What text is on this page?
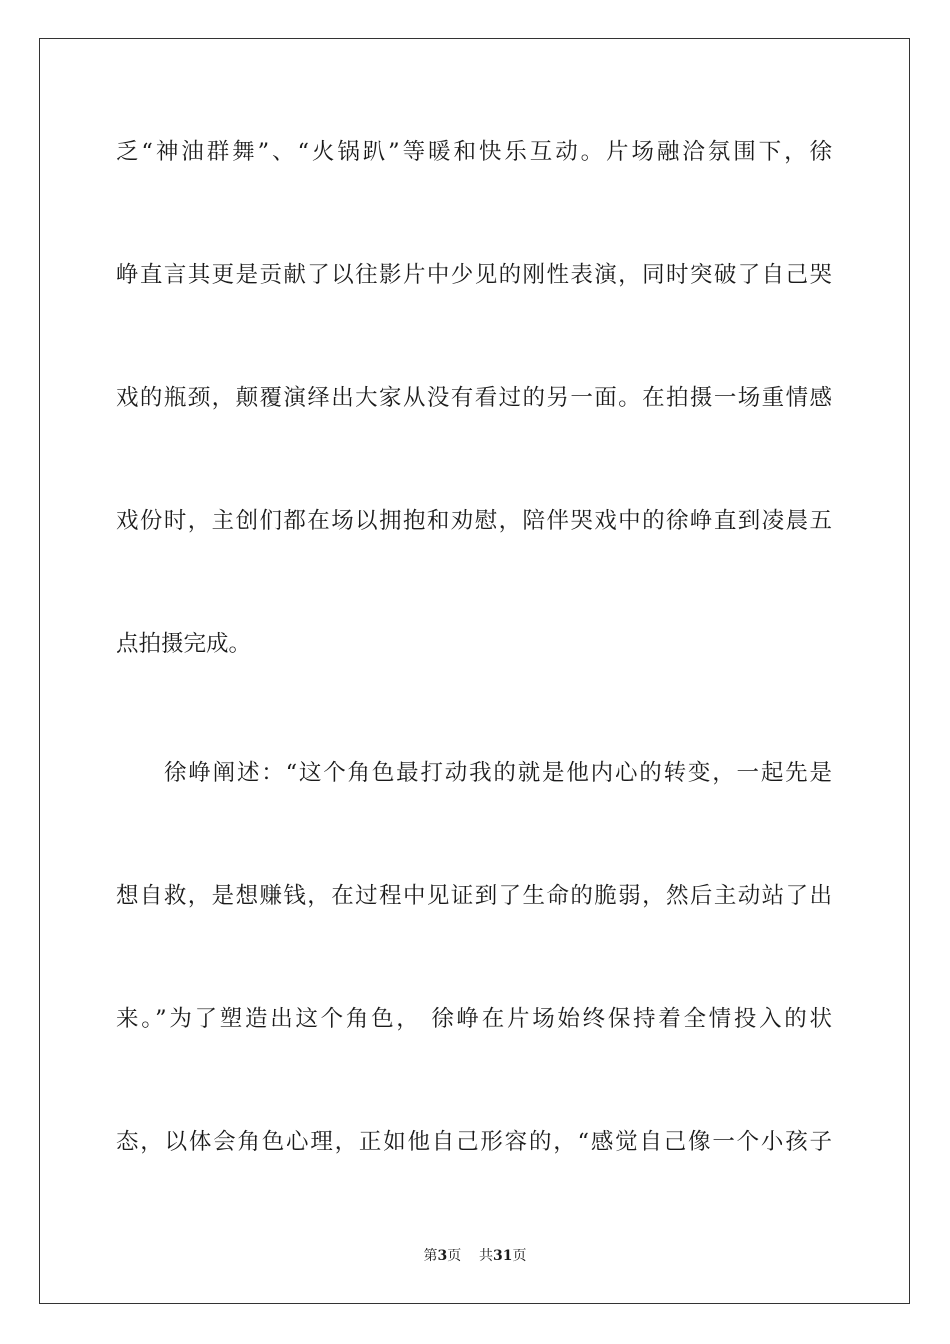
乏“神油群舞”、“火锅趴”等暖和快乐互动。片场融洽氛围下，徐
峥直言其更是贡献了以往影片中少见的刚性表演，同时突破了自己哭
戏的瓶颈，颠覆演绎出大家从没有看过的另一面。在拍摄一场重情感
戏份时，主创们都在场以拥抱和劝慰，陪伴哭戏中的徐峥直到凌晨五
点拍摄完成。
徐峥阐述：“这个角色最打动我的就是他内心的转变，一起先是
想自救，是想赚钱，在过程中见证到了生命的脆弱，然后主动站了出
来。”为了塑造出这个角色， 徐峥在片场始终保持着全情投入的状
态，以体会角色心理，正如他自己形容的，“感觉自己像一个小孩子
第3页 共31页
